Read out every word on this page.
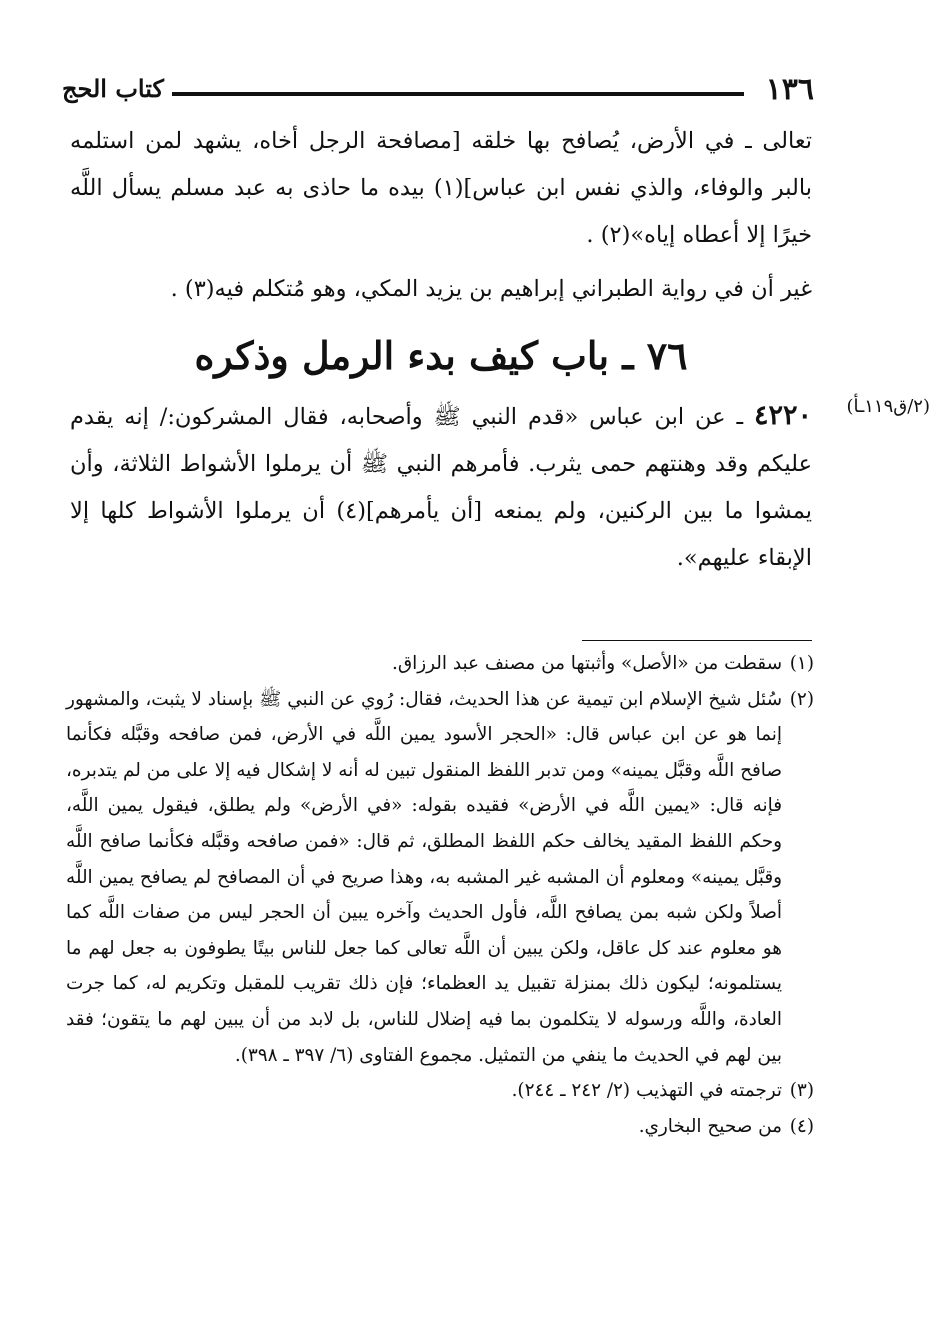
١٣٦
كتاب الحج
تعالى ـ في الأرض، يُصافح بها خلقه [مصافحة الرجل أخاه، يشهد لمن استلمه بالبر والوفاء، والذي نفس ابن عباس](١) بيده ما حاذى به عبد مسلم يسأل اللَّه خيرًا إلا أعطاه إياه»(٢) .
غير أن في رواية الطبراني إبراهيم بن يزيد المكي، وهو مُتكلم فيه(٣) .
٧٦ ـ باب كيف بدء الرمل وذكره
(٢/ق١١٩ـأ)
٤٢٢٠ ـ عن ابن عباس «قدم النبي ﷺ وأصحابه، فقال المشركون:/ إنه يقدم عليكم وقد وهنتهم حمى يثرب. فأمرهم النبي ﷺ أن يرملوا الأشواط الثلاثة، وأن يمشوا ما بين الركنين، ولم يمنعه [أن يأمرهم](٤) أن يرملوا الأشواط كلها إلا الإبقاء عليهم».
(١)
سقطت من «الأصل» وأثبتها من مصنف عبد الرزاق.
(٢)
سُئل شيخ الإسلام ابن تيمية عن هذا الحديث، فقال: رُوي عن النبي ﷺ بإسناد لا يثبت، والمشهور إنما هو عن ابن عباس قال: «الحجر الأسود يمين اللَّه في الأرض، فمن صافحه وقبَّله فكأنما صافح اللَّه وقبَّل يمينه» ومن تدبر اللفظ المنقول تبين له أنه لا إشكال فيه إلا على من لم يتدبره، فإنه قال: «يمين اللَّه في الأرض» فقيده بقوله: «في الأرض» ولم يطلق، فيقول يمين اللَّه، وحكم اللفظ المقيد يخالف حكم اللفظ المطلق، ثم قال: «فمن صافحه وقبَّله فكأنما صافح اللَّه وقبَّل يمينه» ومعلوم أن المشبه غير المشبه به، وهذا صريح في أن المصافح لم يصافح يمين اللَّه أصلاً ولكن شبه بمن يصافح اللَّه، فأول الحديث وآخره يبين أن الحجر ليس من صفات اللَّه كما هو معلوم عند كل عاقل، ولكن يبين أن اللَّه تعالى كما جعل للناس بيتًا يطوفون به جعل لهم ما يستلمونه؛ ليكون ذلك بمنزلة تقبيل يد العظماء؛ فإن ذلك تقريب للمقبل وتكريم له، كما جرت العادة، واللَّه ورسوله لا يتكلمون بما فيه إضلال للناس، بل لابد من أن يبين لهم ما يتقون؛ فقد بين لهم في الحديث ما ينفي من التمثيل. مجموع الفتاوى (٦/ ٣٩٧ ـ ٣٩٨).
(٣)
ترجمته في التهذيب (٢/ ٢٤٢ ـ ٢٤٤).
(٤)
من صحيح البخاري.
